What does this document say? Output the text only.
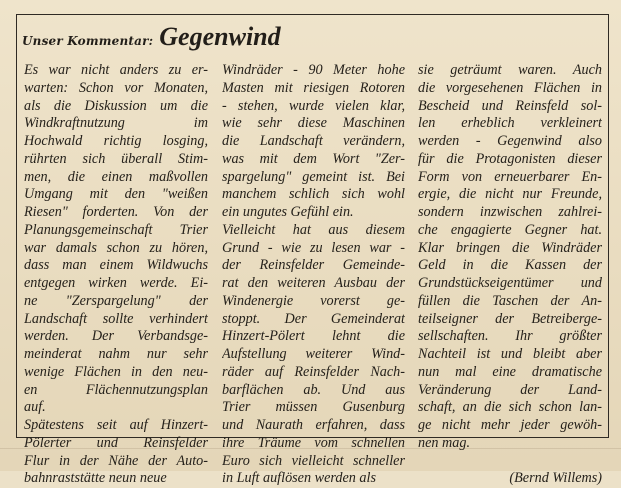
Unser Kommentar: Gegenwind
Es war nicht anders zu er-
warten: Schon vor Monaten,
als die Diskussion um die
Windkraftnutzung im
Hochwald richtig losging,
rührten sich überall Stim-
men, die einen maßvollen
Umgang mit den "weißen
Riesen" forderten. Von der
Planungsgemeinschaft Trier
war damals schon zu hören,
dass man einem Wildwuchs
entgegen wirken werde. Ei-
ne "Zerspargelung" der
Landschaft sollte verhindert
werden. Der Verbandsge-
meinderat nahm nur sehr
wenige Flächen in den neu-
en Flächennutzungsplan
auf.
Spätestens seit auf Hinzert-
Pölerter und Reinsfelder
Flur in der Nähe der Auto-
bahnraststätte neun neue
Windräder - 90 Meter hohe
Masten mit riesigen Rotoren
- stehen, wurde vielen klar,
wie sehr diese Maschinen
die Landschaft verändern,
was mit dem Wort "Zer-
spargelung" gemeint ist. Bei
manchem schlich sich wohl
ein ungutes Gefühl ein.
Vielleicht hat aus diesem
Grund - wie zu lesen war -
der Reinsfelder Gemeinde-
rat den weiteren Ausbau der
Windenergie vorerst ge-
stoppt. Der Gemeinderat
Hinzert-Pölert lehnt die
Aufstellung weiterer Wind-
räder auf Reinsfelder Nach-
barflächen ab. Und aus
Trier müssen Gusenburg
und Naurath erfahren, dass
ihre Träume vom schnellen
Euro sich vielleicht schneller
in Luft auflösen werden als
sie geträumt waren. Auch
die vorgesehenen Flächen in
Bescheid und Reinsfeld sol-
len erheblich verkleinert
werden - Gegenwind also
für die Protagonisten dieser
Form von erneuerbarer En-
ergie, die nicht nur Freunde,
sondern inzwischen zahlrei-
che engagierte Gegner hat.
Klar bringen die Windräder
Geld in die Kassen der
Grundstückseigentümer und
füllen die Taschen der An-
teilseigner der Betreiberge-
sellschaften. Ihr größter
Nachteil ist und bleibt aber
nun mal eine dramatische
Veränderung der Land-
schaft, an die sich schon lan-
ge nicht mehr jeder gewöh-
nen mag.
(Bernd Willems)
